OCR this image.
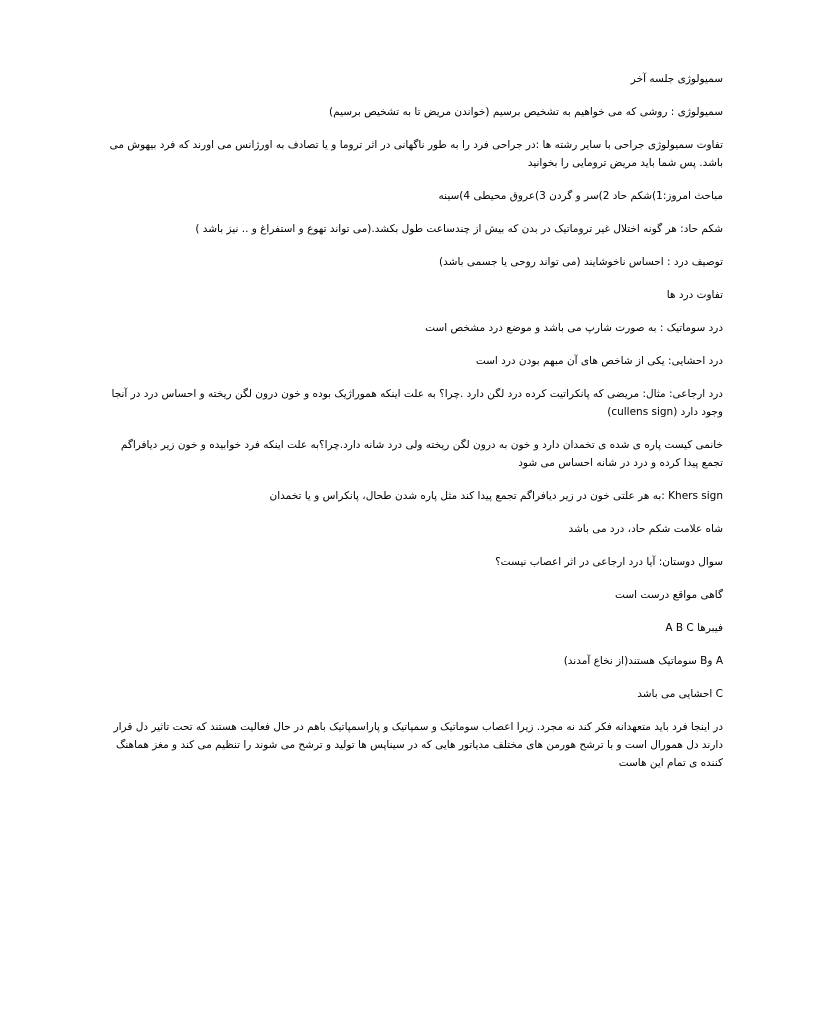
سمیولوژی جلسه آخر

سمیولوژی : روشی که می خواهیم به تشخیص برسیم (خواندن مریض تا به تشخیص برسیم)

تفاوت سمیولوژی جراحی با سایر رشته ها :در جراحی فرد را به طور ناگهانی در اثر تروما و یا تصادف به اورژانس می اورند که فرد بیهوش می باشد. پس شما باید مریض ترومایی را بخوانید

مباحث امروز:1)شکم حاد 2)سر و گردن 3)عروق محیطی 4)سینه

شکم حاد: هر گونه اختلال غیر تروماتیک در بدن که بیش از چندساعت طول بکشد.(می تواند تهوع و استفراغ و .. نیز باشد )

توصیف درد : احساس ناخوشایند (می تواند روحی یا جسمی باشد)

تفاوت درد ها

درد سوماتیک : به صورت شارپ می باشد و موضع درد مشخص است

درد احشایی: یکی از شاخص های آن مبهم بودن درد است

درد ارجاعی: مثال: مریضی که پانکراتیت کرده درد لگن دارد .چرا؟ به علت اینکه هموراژیک بوده و خون درون لگن ریخته و احساس درد در آنجا وجود دارد (cullens sign)

خانمی کیست پاره ی شده ی تخمدان دارد و خون به درون لگن ریخته ولی درد شانه دارد.چرا؟به علت اینکه فرد خوابیده و خون زیر دیافراگم تجمع پیدا کرده و درد در شانه احساس می شود

Khers sign :به هر علتی خون در زیر دیافراگم تجمع پیدا کند مثل پاره شدن طحال، پانکراس و یا تخمدان

شاه علامت شکم حاد، درد می باشد

سوال دوستان: آیا درد ارجاعی در اثر اعصاب نیست؟

گاهی مواقع درست است

فیبرها A B C

A وB سوماتیک هستند(از نخاع آمدند)

C احشایی می باشد

در اینجا فرد باید متعهدانه فکر کند نه مجرد. زیرا اعصاب سوماتیک و سمپاتیک و پاراسمپاتیک باهم در حال فعالیت هستند که تحت تاثیر دل قرار دارند دل همورال است و با ترشح هورمن های مختلف مدیاتور هایی که در سیناپس ها تولید و ترشح می شوند را تنظیم می کند و مغز هماهنگ کننده ی تمام این هاست
